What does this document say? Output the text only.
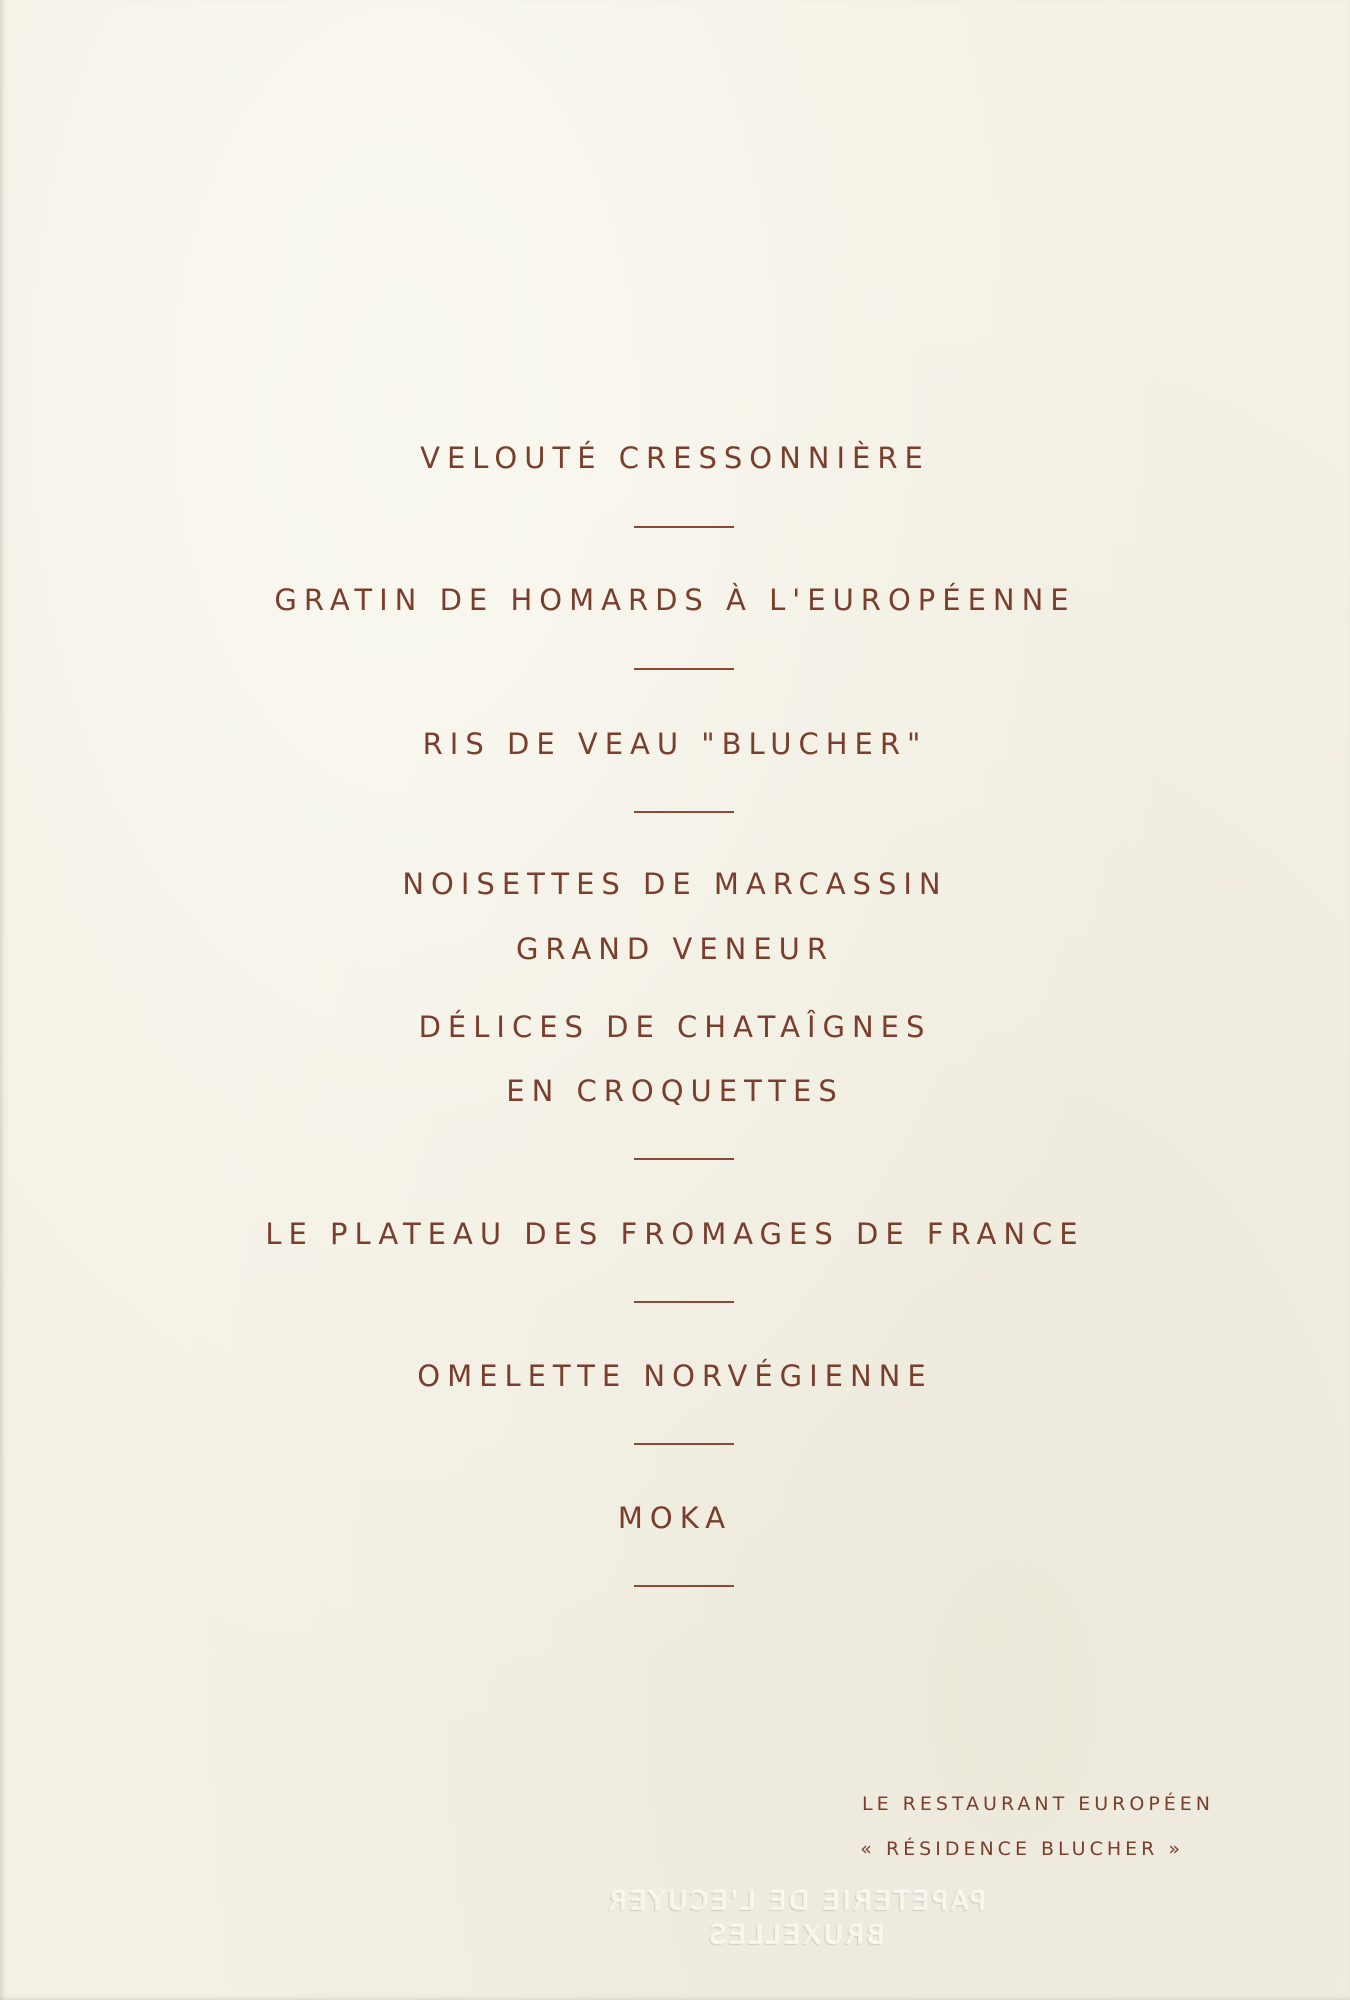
VELOUTÉ CRESSONNIÈRE
GRATIN DE HOMARDS À L'EUROPÉENNE
RIS DE VEAU "BLUCHER"
NOISETTES DE MARCASSIN
GRAND VENEUR
DÉLICES DE CHATAÎGNES
EN CROQUETTES
LE PLATEAU DES FROMAGES DE FRANCE
OMELETTE NORVÉGIENNE
MOKA
LE RESTAURANT EUROPÉEN
« RÉSIDENCE BLUCHER »
PAPETERIE DE L'ECUYER
BRUXELLES
